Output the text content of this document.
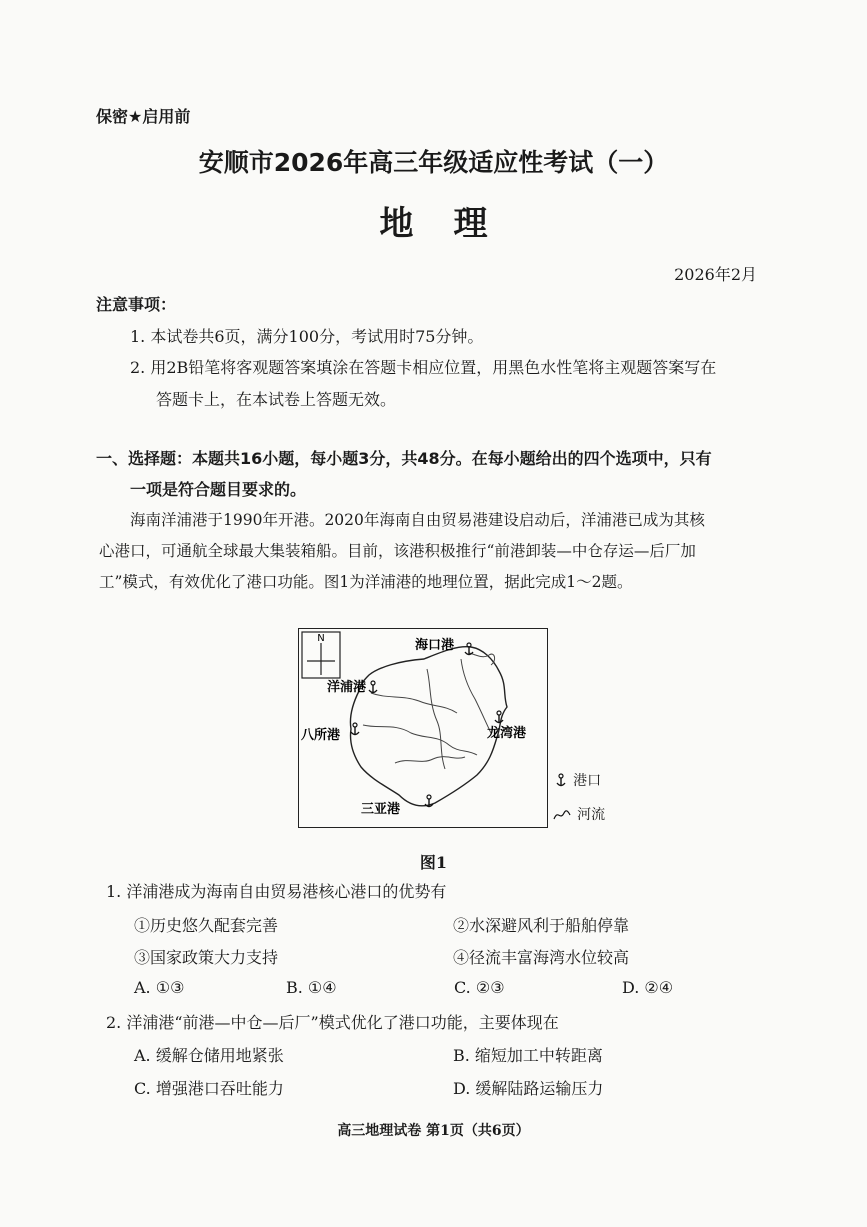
保密★启用前
安顺市2026年高三年级适应性考试（一）
地理
2026年2月
注意事项：
1. 本试卷共6页，满分100分，考试用时75分钟。
2. 用2B铅笔将客观题答案填涂在答题卡相应位置，用黑色水性笔将主观题答案写在
答题卡上，在本试卷上答题无效。
一、选择题：本题共16小题，每小题3分，共48分。在每小题给出的四个选项中，只有
一项是符合题目要求的。
海南洋浦港于1990年开港。2020年海南自由贸易港建设启动后，洋浦港已成为其核
心港口，可通航全球最大集装箱船。目前，该港积极推行“前港卸装—中仓存运—后厂加
工”模式，有效优化了港口功能。图1为洋浦港的地理位置，据此完成1～2题。
N	海口港
洋浦港
八所港	龙湾港
三亚港
港口
河流
图1
1. 洋浦港成为海南自由贸易港核心港口的优势有
①历史悠久配套完善	②水深避风利于船舶停靠
③国家政策大力支持	④径流丰富海湾水位较高
A. ①③	B. ①④	C. ②③	D. ②④
2. 洋浦港“前港—中仓—后厂”模式优化了港口功能，主要体现在
A. 缓解仓储用地紧张	B. 缩短加工中转距离
C. 增强港口吞吐能力	D. 缓解陆路运输压力
高三地理试卷 第1页（共6页）
